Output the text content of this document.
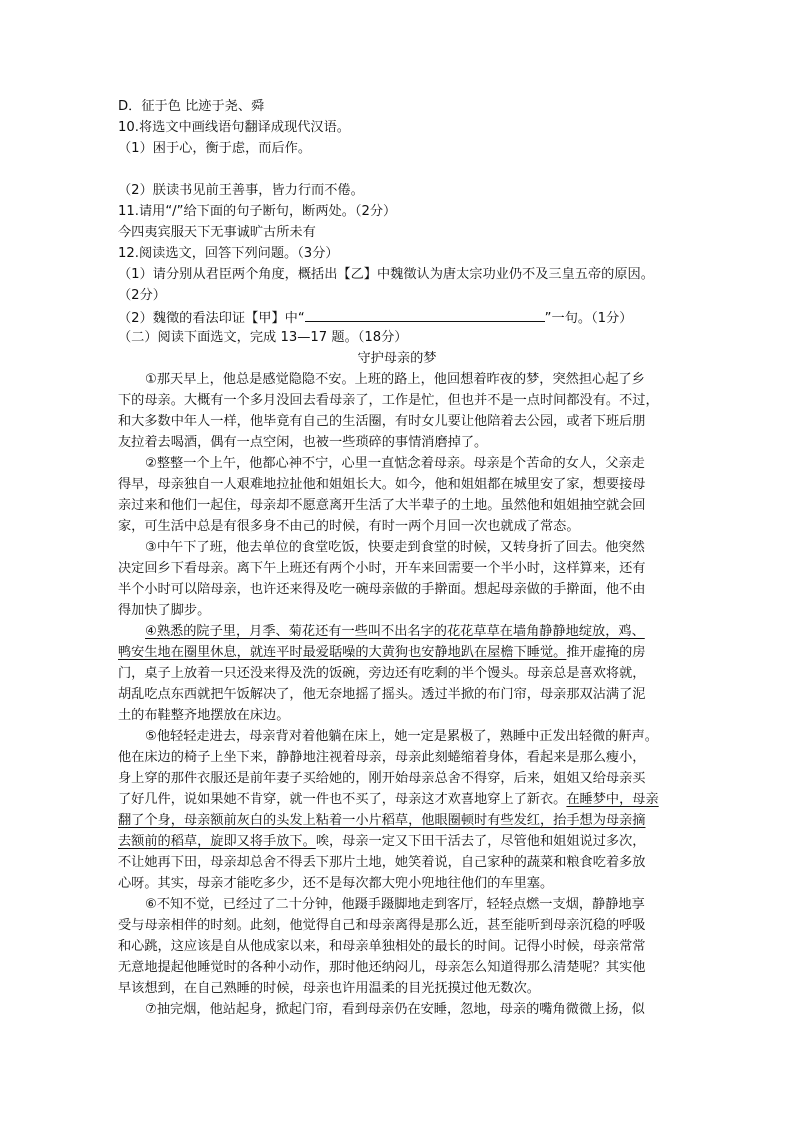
D．征于色 比迹于尧、舜
10.将选文中画线语句翻译成现代汉语。
（1）困于心，衡于虑，而后作。
（2）朕读书见前王善事，皆力行而不倦。
11.请用“/”给下面的句子断句，断两处。（2分）
今四夷宾服天下无事诚旷古所未有
12.阅读选文，回答下列问题。（3分）
（1）请分别从君臣两个角度，概括出【乙】中魏徵认为唐太宗功业仍不及三皇五帝的原因。
（2分）
（2）魏徵的看法印证【甲】中“	”一句。（1分）
（二）阅读下面选文，完成 13—17 题。（18分）
守护母亲的梦
①那天早上，他总是感觉隐隐不安。上班的路上，他回想着昨夜的梦，突然担心起了乡
下的母亲。大概有一个多月没回去看母亲了，工作是忙，但也并不是一点时间都没有。不过，
和大多数中年人一样，他毕竟有自己的生活圈，有时女儿要让他陪着去公园，或者下班后朋
友拉着去喝酒，偶有一点空闲，也被一些琐碎的事情消磨掉了。
②整整一个上午，他都心神不宁，心里一直惦念着母亲。母亲是个苦命的女人，父亲走
得早，母亲独自一人艰难地拉扯他和姐姐长大。如今，他和姐姐都在城里安了家，想要接母
亲过来和他们一起住，母亲却不愿意离开生活了大半辈子的土地。虽然他和姐姐抽空就会回
家，可生活中总是有很多身不由己的时候，有时一两个月回一次也就成了常态。
③中午下了班，他去单位的食堂吃饭，快要走到食堂的时候，又转身折了回去。他突然
决定回乡下看母亲。离下午上班还有两个小时，开车来回需要一个半小时，这样算来，还有
半个小时可以陪母亲，也许还来得及吃一碗母亲做的手擀面。想起母亲做的手擀面，他不由
得加快了脚步。
④熟悉的院子里，月季、菊花还有一些叫不出名字的花花草草在墙角静静地绽放，鸡、
鸭安生地在圈里休息，就连平时最爱聒噪的大黄狗也安静地趴在屋檐下睡觉。推开虚掩的房
门，桌子上放着一只还没来得及洗的饭碗，旁边还有吃剩的半个馒头。母亲总是喜欢将就，
胡乱吃点东西就把午饭解决了，他无奈地摇了摇头。透过半掀的布门帘，母亲那双沾满了泥
土的布鞋整齐地摆放在床边。
⑤他轻轻走进去，母亲背对着他躺在床上，她一定是累极了，熟睡中正发出轻微的鼾声。
他在床边的椅子上坐下来，静静地注视着母亲，母亲此刻蜷缩着身体，看起来是那么瘦小，
身上穿的那件衣服还是前年妻子买给她的，刚开始母亲总舍不得穿，后来，姐姐又给母亲买
了好几件，说如果她不肯穿，就一件也不买了，母亲这才欢喜地穿上了新衣。在睡梦中，母亲
翻了个身，母亲额前灰白的头发上粘着一小片稻草，他眼圈顿时有些发红，抬手想为母亲摘
去额前的稻草，旋即又将手放下。唉，母亲一定又下田干活去了，尽管他和姐姐说过多次，
不让她再下田，母亲却总舍不得丢下那片土地，她笑着说，自己家种的蔬菜和粮食吃着多放
心呀。其实，母亲才能吃多少，还不是每次都大兜小兜地往他们的车里塞。
⑥不知不觉，已经过了二十分钟，他蹑手蹑脚地走到客厅，轻轻点燃一支烟，静静地享
受与母亲相伴的时刻。此刻，他觉得自己和母亲离得是那么近，甚至能听到母亲沉稳的呼吸
和心跳，这应该是自从他成家以来，和母亲单独相处的最长的时间。记得小时候，母亲常常
无意地提起他睡觉时的各种小动作，那时他还纳闷儿，母亲怎么知道得那么清楚呢？其实他
早该想到，在自己熟睡的时候，母亲也许用温柔的目光抚摸过他无数次。
⑦抽完烟，他站起身，掀起门帘，看到母亲仍在安睡，忽地，母亲的嘴角微微上扬，似
